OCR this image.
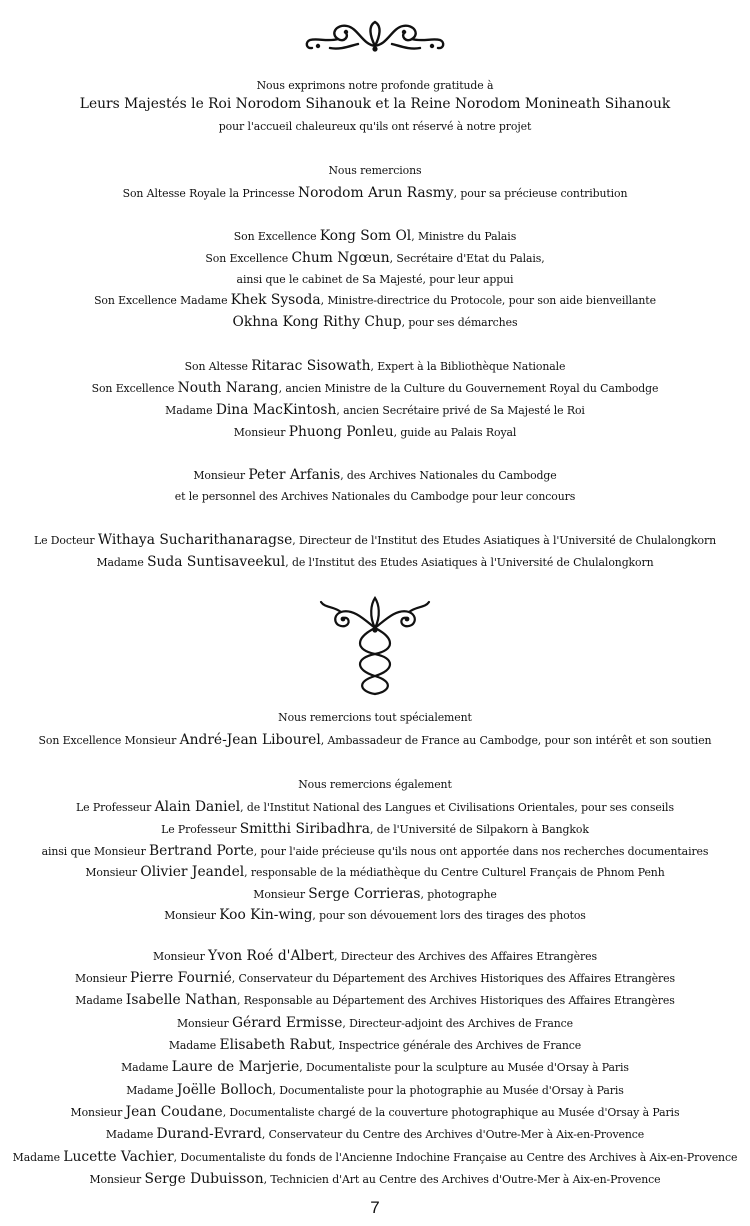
Nous exprimons notre profonde gratitude à
Leurs Majestés le Roi Norodom Sihanouk et la Reine Norodom Monineath Sihanouk
pour l'accueil chaleureux qu'ils ont réservé à notre projet
Nous remercions
Son Altesse Royale la Princesse Norodom Arun Rasmy, pour sa précieuse contribution
Son Excellence Kong Som Ol, Ministre du Palais
Son Excellence Chum Ngœun, Secrétaire d'Etat du Palais,
ainsi que le cabinet de Sa Majesté, pour leur appui
Son Excellence Madame Khek Sysoda, Ministre-directrice du Protocole, pour son aide bienveillante
Okhna Kong Rithy Chup, pour ses démarches
Son Altesse Ritarac Sisowath, Expert à la Bibliothèque Nationale
Son Excellence Nouth Narang, ancien Ministre de la Culture du Gouvernement Royal du Cambodge
Madame Dina MacKintosh, ancien Secrétaire privé de Sa Majesté le Roi
Monsieur Phuong Ponleu, guide au Palais Royal
Monsieur Peter Arfanis, des Archives Nationales du Cambodge
et le personnel des Archives Nationales du Cambodge pour leur concours
Le Docteur Withaya Sucharithanaragse, Directeur de l'Institut des Etudes Asiatiques à l'Université de Chulalongkorn
Madame Suda Suntisaveekul, de l'Institut des Etudes Asiatiques à l'Université de Chulalongkorn
Nous remercions tout spécialement
Son Excellence Monsieur André-Jean Libourel, Ambassadeur de France au Cambodge, pour son intérêt et son soutien
Nous remercions également
Le Professeur Alain Daniel, de l'Institut National des Langues et Civilisations Orientales, pour ses conseils
Le Professeur Smitthi Siribadhra, de l'Université de Silpakorn à Bangkok
ainsi que Monsieur Bertrand Porte, pour l'aide précieuse qu'ils nous ont apportée dans nos recherches documentaires
Monsieur Olivier Jeandel, responsable de la médiathèque du Centre Culturel Français de Phnom Penh
Monsieur Serge Corrieras, photographe
Monsieur Koo Kin-wing, pour son dévouement lors des tirages des photos
Monsieur Yvon Roé d'Albert, Directeur des Archives des Affaires Etrangères
Monsieur Pierre Fournié, Conservateur du Département des Archives Historiques des Affaires Etrangères
Madame Isabelle Nathan, Responsable au Département des Archives Historiques des Affaires Etrangères
Monsieur Gérard Ermisse, Directeur-adjoint des Archives de France
Madame Elisabeth Rabut, Inspectrice générale des Archives de France
Madame Laure de Marjerie, Documentaliste pour la sculpture au Musée d'Orsay à Paris
Madame Joëlle Bolloch, Documentaliste pour la photographie au Musée d'Orsay à Paris
Monsieur Jean Coudane, Documentaliste chargé de la couverture photographique au Musée d'Orsay à Paris
Madame Durand-Evrard, Conservateur du Centre des Archives d'Outre-Mer à Aix-en-Provence
Madame Lucette Vachier, Documentaliste du fonds de l'Ancienne Indochine Française au Centre des Archives à Aix-en-Provence
Monsieur Serge Dubuisson, Technicien d'Art au Centre des Archives d'Outre-Mer à Aix-en-Provence
7
